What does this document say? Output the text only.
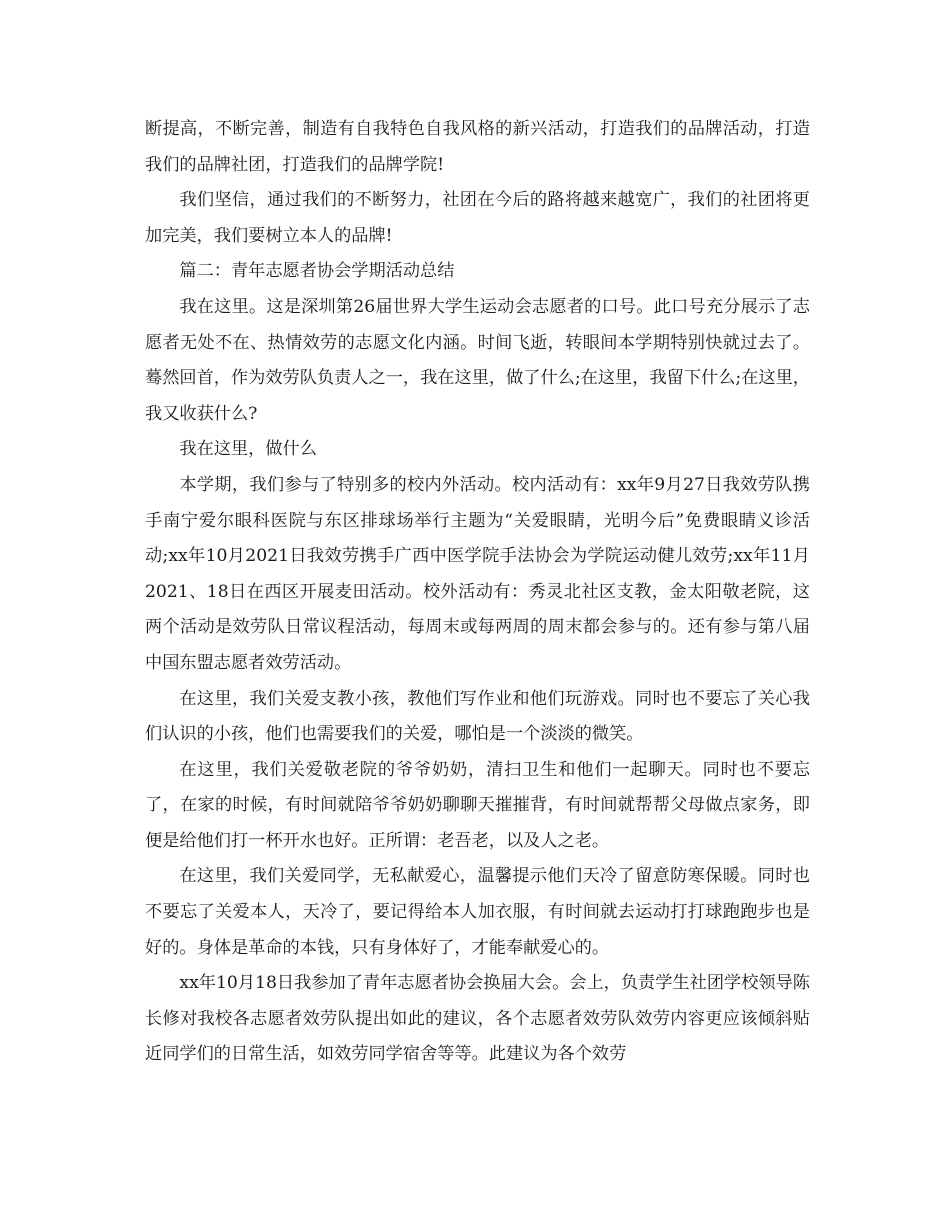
断提高，不断完善，制造有自我特色自我风格的新兴活动，打造我们的品牌活动，打造我们的品牌社团，打造我们的品牌学院!

我们坚信，通过我们的不断努力，社团在今后的路将越来越宽广，我们的社团将更加完美，我们要树立本人的品牌!

篇二：青年志愿者协会学期活动总结

我在这里。这是深圳第26届世界大学生运动会志愿者的口号。此口号充分展示了志愿者无处不在、热情效劳的志愿文化内涵。时间飞逝，转眼间本学期特别快就过去了。蓦然回首，作为效劳队负责人之一，我在这里，做了什么;在这里，我留下什么;在这里，我又收获什么?

我在这里，做什么

本学期，我们参与了特别多的校内外活动。校内活动有：xx年9月27日我效劳队携手南宁爱尔眼科医院与东区排球场举行主题为“关爱眼睛，光明今后”免费眼睛义诊活动;xx年10月2021日我效劳携手广西中医学院手法协会为学院运动健儿效劳;xx年11月2021、18日在西区开展麦田活动。校外活动有：秀灵北社区支教，金太阳敬老院，这两个活动是效劳队日常议程活动，每周末或每两周的周末都会参与的。还有参与第八届中国东盟志愿者效劳活动。

在这里，我们关爱支教小孩，教他们写作业和他们玩游戏。同时也不要忘了关心我们认识的小孩，他们也需要我们的关爱，哪怕是一个淡淡的微笑。

在这里，我们关爱敬老院的爷爷奶奶，清扫卫生和他们一起聊天。同时也不要忘了，在家的时候，有时间就陪爷爷奶奶聊聊天摧摧背，有时间就帮帮父母做点家务，即便是给他们打一杯开水也好。正所谓：老吾老，以及人之老。

在这里，我们关爱同学，无私献爱心，温馨提示他们天冷了留意防寒保暖。同时也不要忘了关爱本人，天冷了，要记得给本人加衣服，有时间就去运动打打球跑跑步也是好的。身体是革命的本钱，只有身体好了，才能奉献爱心的。

xx年10月18日我参加了青年志愿者协会换届大会。会上，负责学生社团学校领导陈长修对我校各志愿者效劳队提出如此的建议，各个志愿者效劳队效劳内容更应该倾斜贴近同学们的日常生活，如效劳同学宿舍等等。此建议为各个效劳
